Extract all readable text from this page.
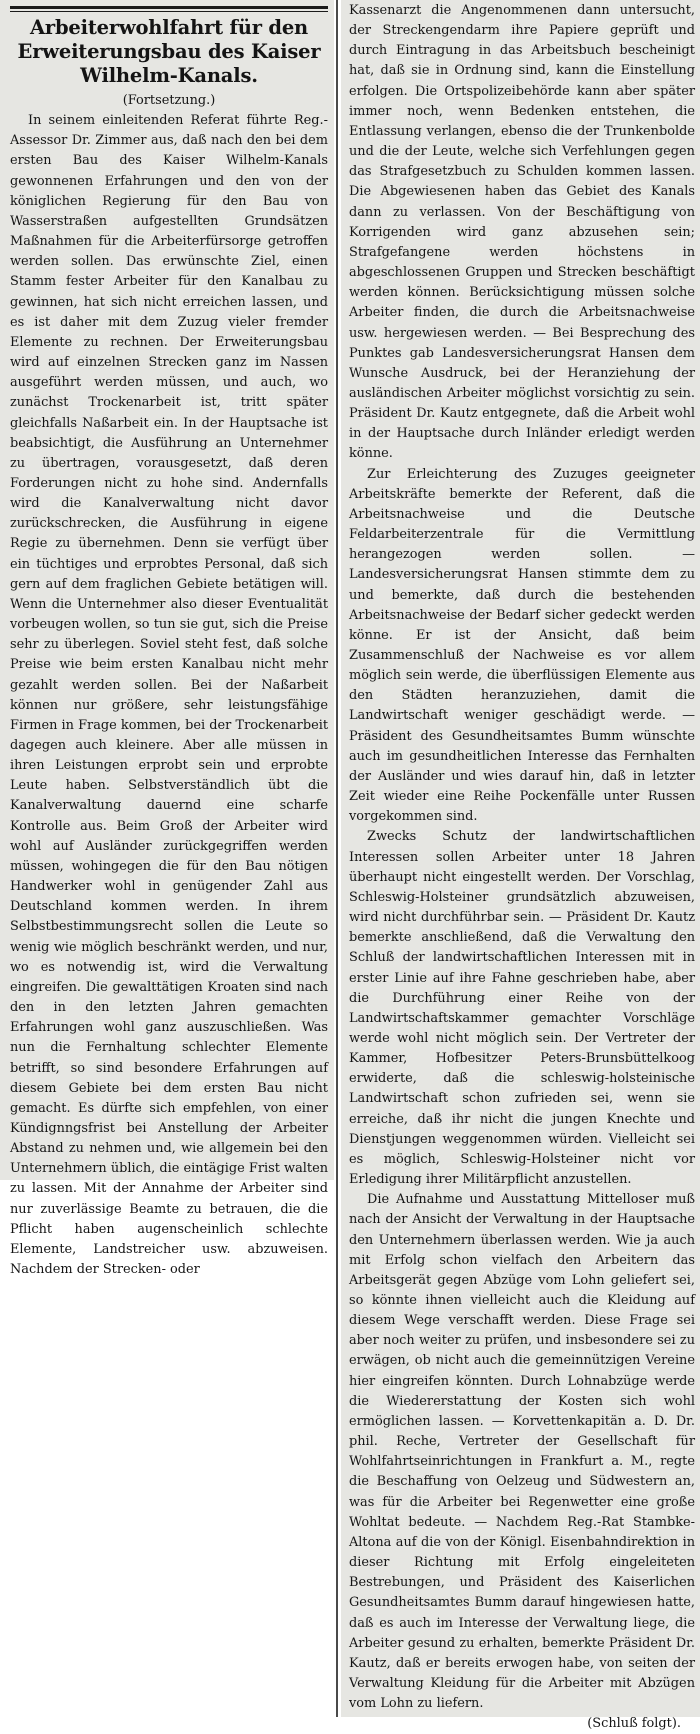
Arbeiterwohlfahrt für den Erweiterungsbau des Kaiser Wilhelm-Kanals.

(Fortsetzung.)

In seinem einleitenden Referat führte Reg.-Assessor Dr. Zimmer aus, daß nach den bei dem ersten Bau des Kaiser Wilhelm-Kanals gewonnenen Erfahrungen und den von der königlichen Regierung für den Bau von Wasserstraßen aufgestellten Grundsätzen Maßnahmen für die Arbeiterfürsorge getroffen werden sollen. Das erwünschte Ziel, einen Stamm fester Arbeiter für den Kanalbau zu gewinnen, hat sich nicht erreichen lassen, und es ist daher mit dem Zuzug vieler fremder Elemente zu rechnen. Der Erweiterungsbau wird auf einzelnen Strecken ganz im Nassen ausgeführt werden müssen, und auch, wo zunächst Trockenarbeit ist, tritt später gleichfalls Naßarbeit ein. In der Hauptsache ist beabsichtigt, die Ausführung an Unternehmer zu übertragen, vorausgesetzt, daß deren Forderungen nicht zu hohe sind. Andernfalls wird die Kanalverwaltung nicht davor zurückschrecken, die Ausführung in eigene Regie zu übernehmen. Denn sie verfügt über ein tüchtiges und erprobtes Personal, daß sich gern auf dem fraglichen Gebiete betätigen will. Wenn die Unternehmer also dieser Eventualität vorbeugen wollen, so tun sie gut, sich die Preise sehr zu überlegen. Soviel steht fest, daß solche Preise wie beim ersten Kanalbau nicht mehr gezahlt werden sollen. Bei der Naßarbeit können nur größere, sehr leistungsfähige Firmen in Frage kommen, bei der Trockenarbeit dagegen auch kleinere. Aber alle müssen in ihren Leistungen erprobt sein und erprobte Leute haben. Selbstverständlich übt die Kanalverwaltung dauernd eine scharfe Kontrolle aus. Beim Groß der Arbeiter wird wohl auf Ausländer zurückgegriffen werden müssen, wohingegen die für den Bau nötigen Handwerker wohl in genügender Zahl aus Deutschland kommen werden. In ihrem Selbstbestimmungsrecht sollen die Leute so wenig wie möglich beschränkt werden, und nur, wo es notwendig ist, wird die Verwaltung eingreifen. Die gewalttätigen Kroaten sind nach den in den letzten Jahren gemachten Erfahrungen wohl ganz auszuschließen. Was nun die Fernhaltung schlechter Elemente betrifft, so sind besondere Erfahrungen auf diesem Gebiete bei dem ersten Bau nicht gemacht. Es dürfte sich empfehlen, von einer Kündignngsfrist bei Anstellung der Arbeiter Abstand zu nehmen und, wie allgemein bei den Unternehmern üblich, die eintägige Frist walten zu lassen. Mit der Annahme der Arbeiter sind nur zuverlässige Beamte zu betrauen, die die Pflicht haben augenscheinlich schlechte Elemente, Landstreicher usw. abzuweisen. Nachdem der Strecken- oder

Kassenarzt die Angenommenen dann untersucht, der Streckengendarm ihre Papiere geprüft und durch Eintragung in das Arbeitsbuch bescheinigt hat, daß sie in Ordnung sind, kann die Einstellung erfolgen. Die Ortspolizeibehörde kann aber später immer noch, wenn Bedenken entstehen, die Entlassung verlangen, ebenso die der Trunkenbolde und die der Leute, welche sich Verfehlungen gegen das Strafgesetzbuch zu Schulden kommen lassen. Die Abgewiesenen haben das Gebiet des Kanals dann zu verlassen. Von der Beschäftigung von Korrigenden wird ganz abzusehen sein; Strafgefangene werden höchstens in abgeschlossenen Gruppen und Strecken beschäftigt werden können. Berücksichtigung müssen solche Arbeiter finden, die durch die Arbeitsnachweise usw. hergewiesen werden. — Bei Besprechung des Punktes gab Landesversicherungsrat Hansen dem Wunsche Ausdruck, bei der Heranziehung der ausländischen Arbeiter möglichst vorsichtig zu sein. Präsident Dr. Kautz entgegnete, daß die Arbeit wohl in der Hauptsache durch Inländer erledigt werden könne.

Zur Erleichterung des Zuzuges geeigneter Arbeitskräfte bemerkte der Referent, daß die Arbeitsnachweise und die Deutsche Feldarbeiterzentrale für die Vermittlung herangezogen werden sollen. — Landesversicherungsrat Hansen stimmte dem zu und bemerkte, daß durch die bestehenden Arbeitsnachweise der Bedarf sicher gedeckt werden könne. Er ist der Ansicht, daß beim Zusammenschluß der Nachweise es vor allem möglich sein werde, die überflüssigen Elemente aus den Städten heranzuziehen, damit die Landwirtschaft weniger geschädigt werde. — Präsident des Gesundheitsamtes Bumm wünschte auch im gesundheitlichen Interesse das Fernhalten der Ausländer und wies darauf hin, daß in letzter Zeit wieder eine Reihe Pockenfälle unter Russen vorgekommen sind.

Zwecks Schutz der landwirtschaftlichen Interessen sollen Arbeiter unter 18 Jahren überhaupt nicht eingestellt werden. Der Vorschlag, Schleswig-Holsteiner grundsätzlich abzuweisen, wird nicht durchführbar sein. — Präsident Dr. Kautz bemerkte anschließend, daß die Verwaltung den Schluß der landwirtschaftlichen Interessen mit in erster Linie auf ihre Fahne geschrieben habe, aber die Durchführung einer Reihe von der Landwirtschaftskammer gemachter Vorschläge werde wohl nicht möglich sein. Der Vertreter der Kammer, Hofbesitzer Peters-Brunsbüttelkoog erwiderte, daß die schleswig-holsteinische Landwirtschaft schon zufrieden sei, wenn sie erreiche, daß ihr nicht die jungen Knechte und Dienstjungen weggenommen würden. Vielleicht sei es möglich, Schleswig-Holsteiner nicht vor Erledigung ihrer Militärpflicht anzustellen.

Die Aufnahme und Ausstattung Mittelloser muß nach der Ansicht der Verwaltung in der Hauptsache den Unternehmern überlassen werden. Wie ja auch mit Erfolg schon vielfach den Arbeitern das Arbeitsgerät gegen Abzüge vom Lohn geliefert sei, so könnte ihnen vielleicht auch die Kleidung auf diesem Wege verschafft werden. Diese Frage sei aber noch weiter zu prüfen, und insbesondere sei zu erwägen, ob nicht auch die gemeinnützigen Vereine hier eingreifen könnten. Durch Lohnabzüge werde die Wiedererstattung der Kosten sich wohl ermöglichen lassen. — Korvettenkapitän a. D. Dr. phil. Reche, Vertreter der Gesellschaft für Wohlfahrtseinrichtungen in Frankfurt a. M., regte die Beschaffung von Oelzeug und Südwestern an, was für die Arbeiter bei Regenwetter eine große Wohltat bedeute. — Nachdem Reg.-Rat Stambke-Altona auf die von der Königl. Eisenbahndirektion in dieser Richtung mit Erfolg eingeleiteten Bestrebungen, und Präsident des Kaiserlichen Gesundheitsamtes Bumm darauf hingewiesen hatte, daß es auch im Interesse der Verwaltung liege, die Arbeiter gesund zu erhalten, bemerkte Präsident Dr. Kautz, daß er bereits erwogen habe, von seiten der Verwaltung Kleidung für die Arbeiter mit Abzügen vom Lohn zu liefern.

(Schluß folgt).
